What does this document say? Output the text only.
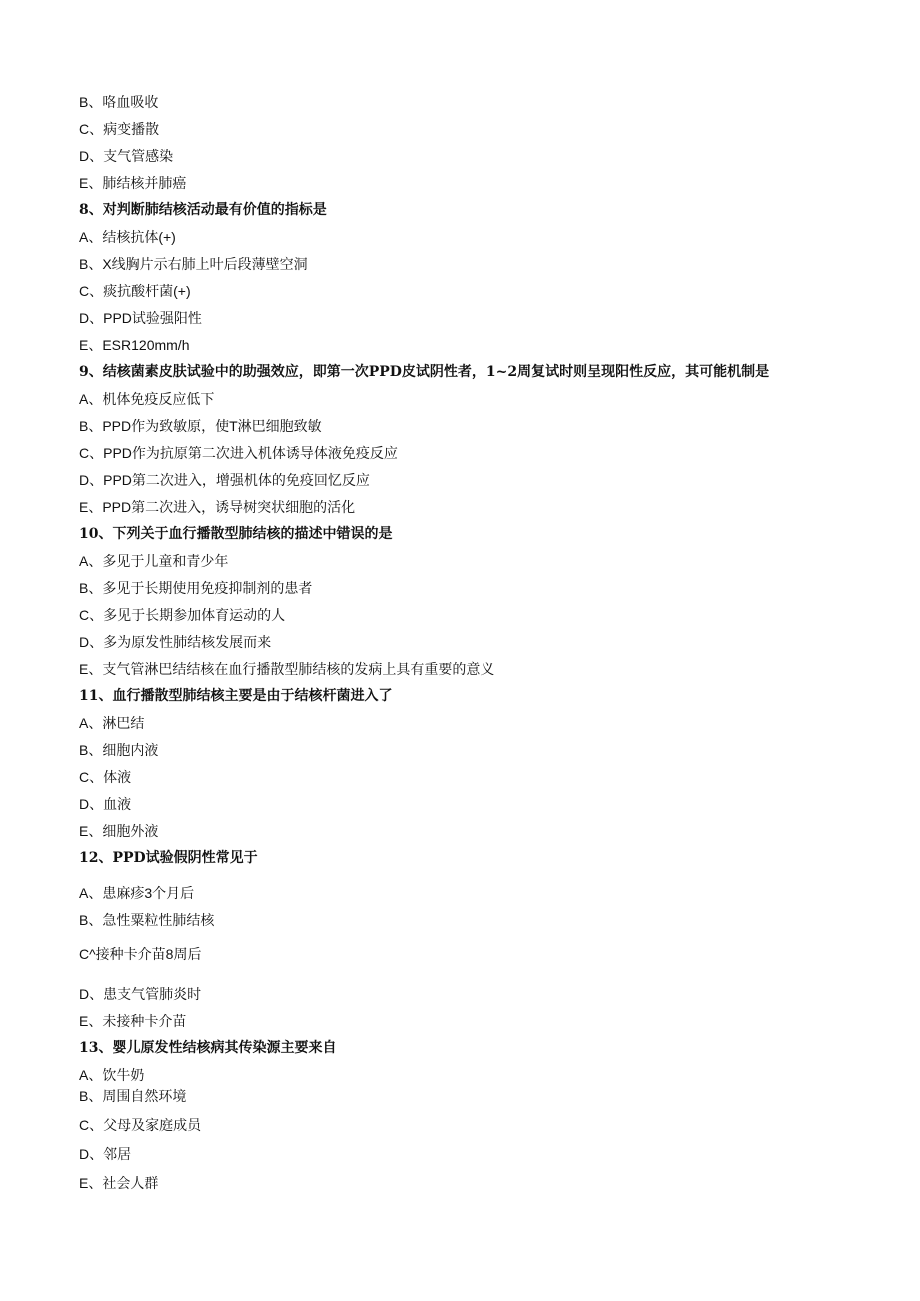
B、咯血吸收
C、病变播散
D、支气管感染
E、肺结核并肺癌
8、对判断肺结核活动最有价值的指标是
A、结核抗体(+)
B、X线胸片示右肺上叶后段薄壁空洞
C、痰抗酸杆菌(+)
D、PPD试验强阳性
E、ESR120mm/h
9、结核菌素皮肤试验中的助强效应，即第一次PPD皮试阴性者，1~2周复试时则呈现阳性反应，其可能机制是
A、机体免疫反应低下
B、PPD作为致敏原，使T淋巴细胞致敏
C、PPD作为抗原第二次进入机体诱导体液免疫反应
D、PPD第二次进入，增强机体的免疫回忆反应
E、PPD第二次进入，诱导树突状细胞的活化
10、下列关于血行播散型肺结核的描述中错误的是
A、多见于儿童和青少年
B、多见于长期使用免疫抑制剂的患者
C、多见于长期参加体育运动的人
D、多为原发性肺结核发展而来
E、支气管淋巴结结核在血行播散型肺结核的发病上具有重要的意义
11、血行播散型肺结核主要是由于结核杆菌进入了
A、淋巴结
B、细胞内液
C、体液
D、血液
E、细胞外液
12、PPD试验假阴性常见于
A、患麻疹3个月后
B、急性粟粒性肺结核
C^接种卡介苗8周后
D、患支气管肺炎时
E、未接种卡介苗
13、婴儿原发性结核病其传染源主要来自
A、饮牛奶
B、周围自然环境
C、父母及家庭成员
D、邻居
E、社会人群
